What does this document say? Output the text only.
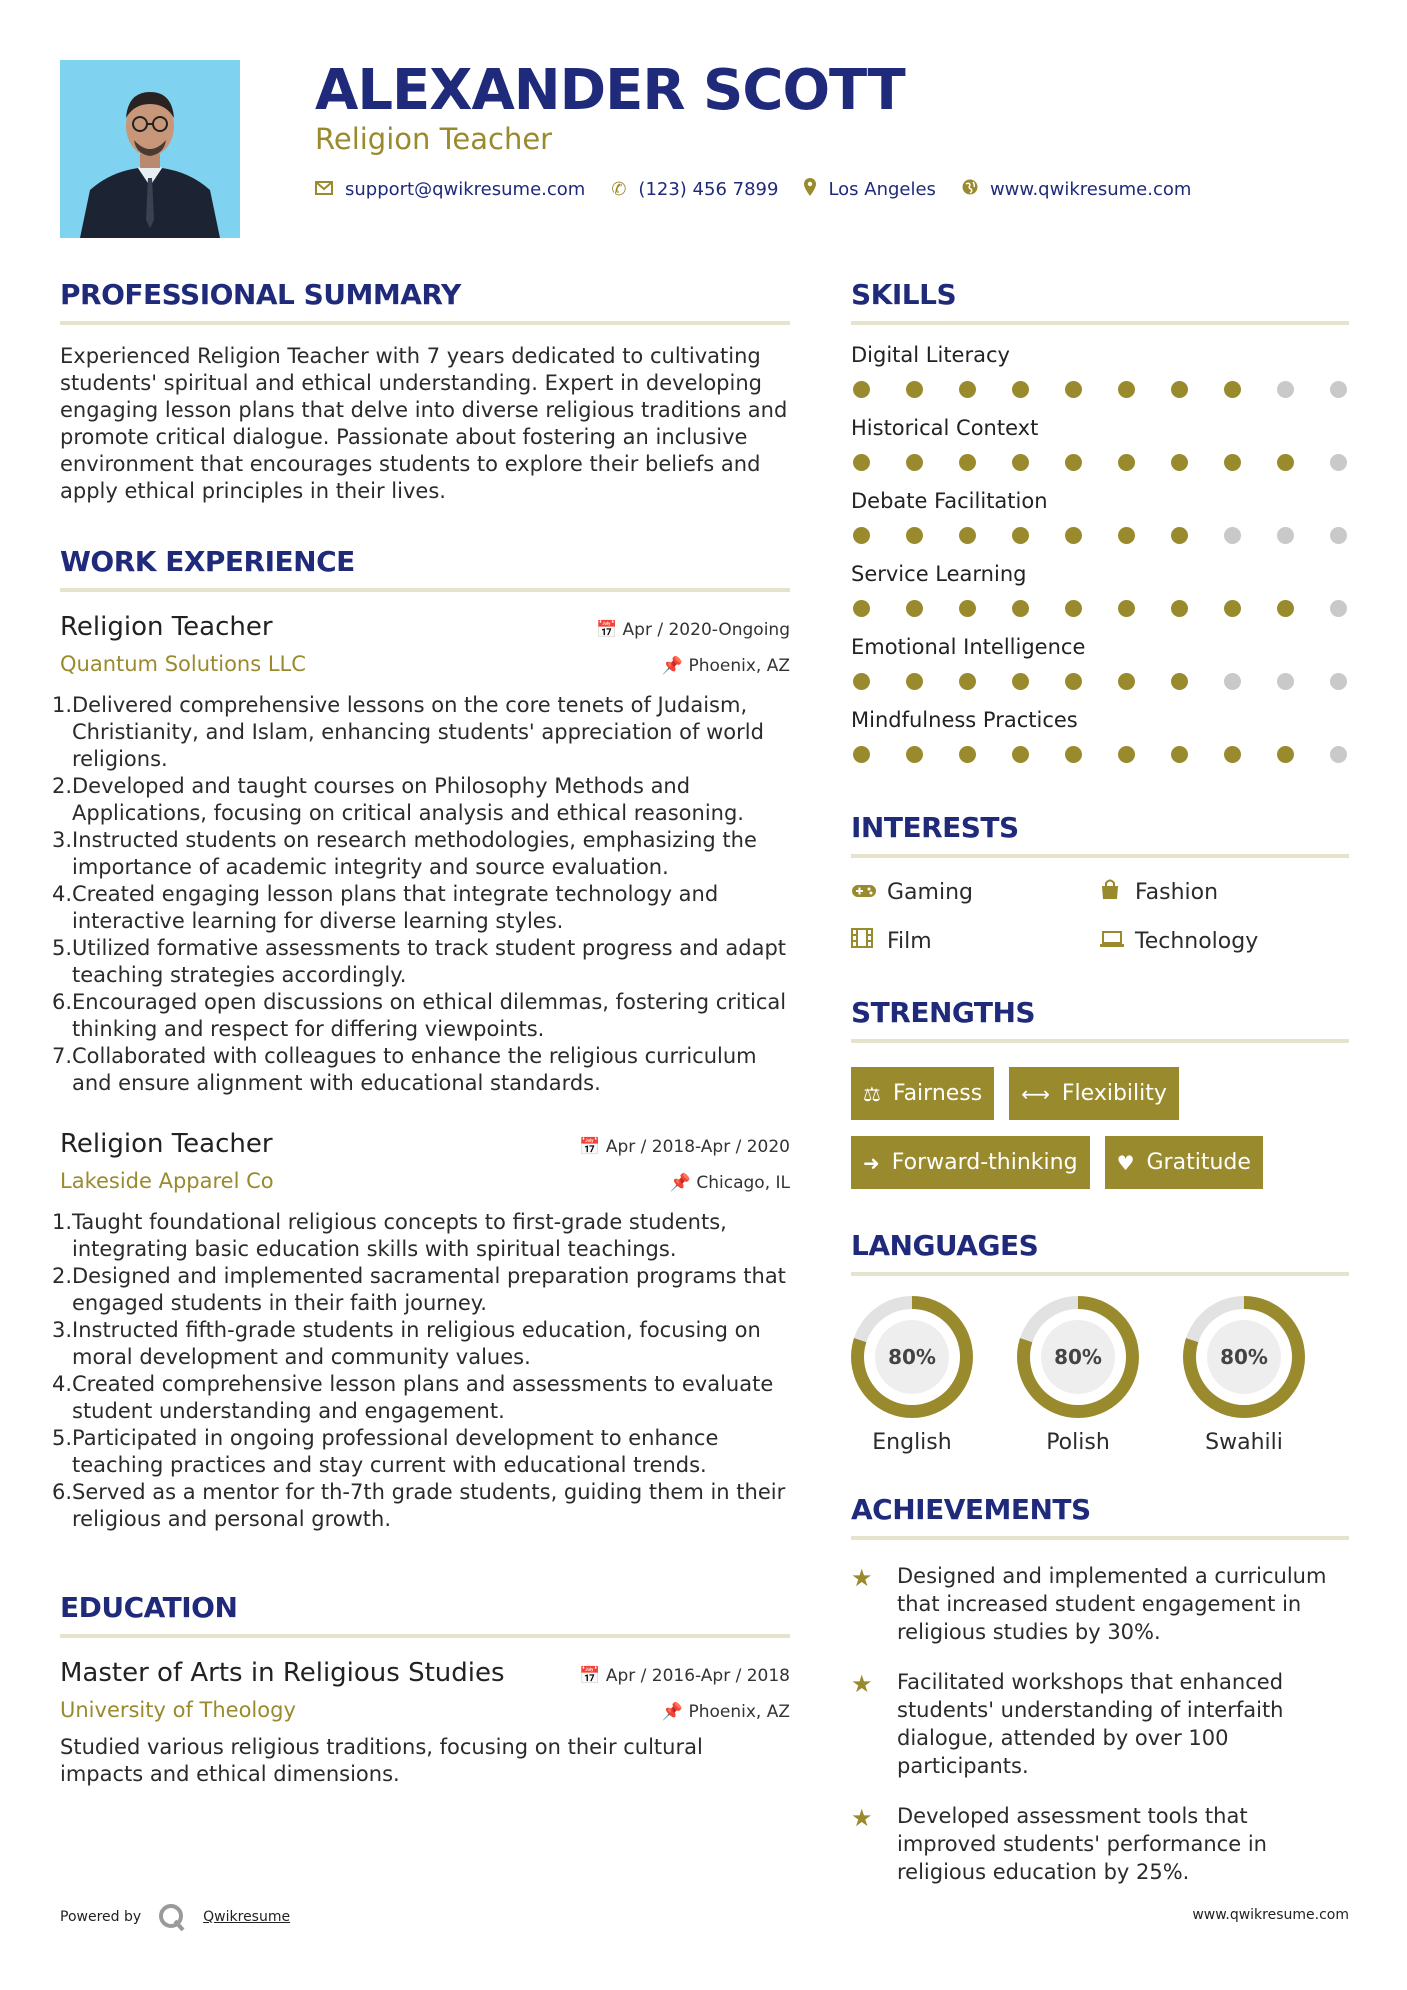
ALEXANDER SCOTT
Religion Teacher
support@qwikresume.com ✆ (123) 456 7899	Los Angeles	www.qwikresume.com
PROFESSIONAL SUMMARY

Experienced Religion Teacher with 7 years dedicated to cultivating students' spiritual and ethical understanding. Expert in developing engaging lesson plans that delve into diverse religious traditions and promote critical dialogue. Passionate about fostering an inclusive environment that encourages students to explore their beliefs and apply ethical principles in their lives.

WORK EXPERIENCE
Religion Teacher	📅 Apr / 2020-Ongoing
Quantum Solutions LLC	📌 Phoenix, AZ
1. Delivered comprehensive lessons on the core tenets of Judaism, Christianity, and Islam, enhancing students' appreciation of world religions.
2. Developed and taught courses on Philosophy Methods and Applications, focusing on critical analysis and ethical reasoning.
3. Instructed students on research methodologies, emphasizing the importance of academic integrity and source evaluation.
4. Created engaging lesson plans that integrate technology and interactive learning for diverse learning styles.
5. Utilized formative assessments to track student progress and adapt teaching strategies accordingly.
6. Encouraged open discussions on ethical dilemmas, fostering critical thinking and respect for differing viewpoints.
7. Collaborated with colleagues to enhance the religious curriculum and ensure alignment with educational standards.
Religion Teacher	📅 Apr / 2018-Apr / 2020
Lakeside Apparel Co	📌 Chicago, IL
1. Taught foundational religious concepts to first-grade students, integrating basic education skills with spiritual teachings.
2. Designed and implemented sacramental preparation programs that engaged students in their faith journey.
3. Instructed fifth-grade students in religious education, focusing on moral development and community values.
4. Created comprehensive lesson plans and assessments to evaluate student understanding and engagement.
5. Participated in ongoing professional development to enhance teaching practices and stay current with educational trends.
6. Served as a mentor for th-7th grade students, guiding them in their religious and personal growth.
EDUCATION
Master of Arts in Religious Studies	📅 Apr / 2016-Apr / 2018
University of Theology	📌 Phoenix, AZ

Studied various religious traditions, focusing on their cultural impacts and ethical dimensions.

SKILLS
Digital Literacy
Historical Context
Debate Facilitation
Service Learning
Emotional Intelligence
Mindfulness Practices
INTERESTS
Gaming	Fashion
Film	Technology
STRENGTHS
⚖ Fairness ⟷ Flexibility
➜ Forward-thinking ♥ Gratitude
LANGUAGES
80%
English
80%
Polish
80%
Swahili
ACHIEVEMENTS
★	Designed and implemented a curriculum that increased student engagement in religious studies by 30%.
★	Facilitated workshops that enhanced students' understanding of interfaith dialogue, attended by over 100 participants.
★	Developed assessment tools that improved students' performance in religious education by 25%.
Powered by	Qwikresume	www.qwikresume.com
